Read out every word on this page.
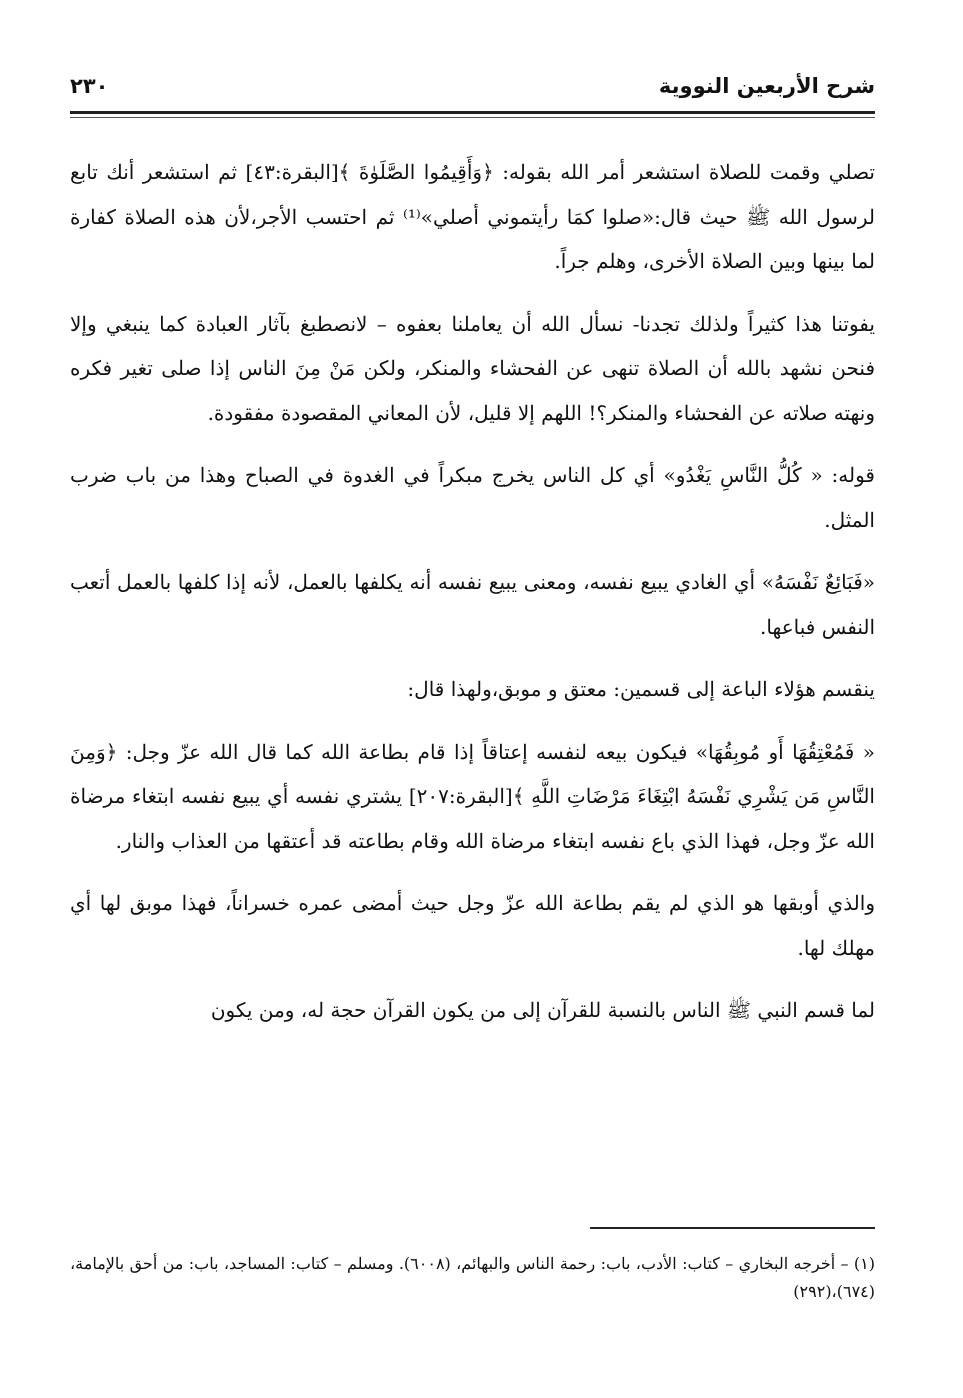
شرح الأربعين النووية
٢٣٠

تصلي وقمت للصلاة استشعر أمر الله بقوله: ﴿وَأَقِيمُوا الصَّلَوٰةَ ﴾[البقرة:٤٣] ثم استشعر أنك تابع لرسول الله ﷺ حيث قال:«صلوا كمَا رأيتموني أصلي»⁽¹⁾ ثم احتسب الأجر،لأن هذه الصلاة كفارة لما بينها وبين الصلاة الأخرى، وهلم جراً.

يفوتنا هذا كثيراً ولذلك تجدنا- نسأل الله أن يعاملنا بعفوه – لانصطبغ بآثار العبادة كما ينبغي وإلا فنحن نشهد بالله أن الصلاة تنهى عن الفحشاء والمنكر، ولكن مَنْ مِنَ الناس إذا صلى تغير فكره ونهته صلاته عن الفحشاء والمنكر؟! اللهم إلا قليل، لأن المعاني المقصودة مفقودة.

قوله: « كُلُّ النَّاسِ يَغْدُو» أي كل الناس يخرج مبكراً في الغدوة في الصباح وهذا من باب ضرب المثل.

«فَبَائِعٌ نَفْسَهُ» أي الغادي يبيع نفسه، ومعنى يبيع نفسه أنه يكلفها بالعمل، لأنه إذا كلفها بالعمل أتعب النفس فباعها.

ينقسم هؤلاء الباعة إلى قسمين: معتق و موبق،ولهذا قال:

« فَمُعْتِقُهَا أَو مُوبِقُهَا» فيكون بيعه لنفسه إعتاقاً إذا قام بطاعة الله كما قال الله عزّ وجل: ﴿وَمِنَ النَّاسِ مَن يَشْرِي نَفْسَهُ ابْتِغَاءَ مَرْضَاتِ اللَّهِ ﴾[البقرة:٢٠٧] يشتري نفسه أي يبيع نفسه ابتغاء مرضاة الله عزّ وجل، فهذا الذي باع نفسه ابتغاء مرضاة الله وقام بطاعته قد أعتقها من العذاب والنار.

والذي أوبقها هو الذي لم يقم بطاعة الله عزّ وجل حيث أمضى عمره خسراناً، فهذا موبق لها أي مهلك لها.

لما قسم النبي ﷺ الناس بالنسبة للقرآن إلى من يكون القرآن حجة له، ومن يكون

(١) – أخرجه البخاري – كتاب: الأدب، باب: رحمة الناس والبهائم، (٦٠٠٨). ومسلم – كتاب: المساجد، باب: من أحق بالإمامة، (٦٧٤)،(٢٩٢)
